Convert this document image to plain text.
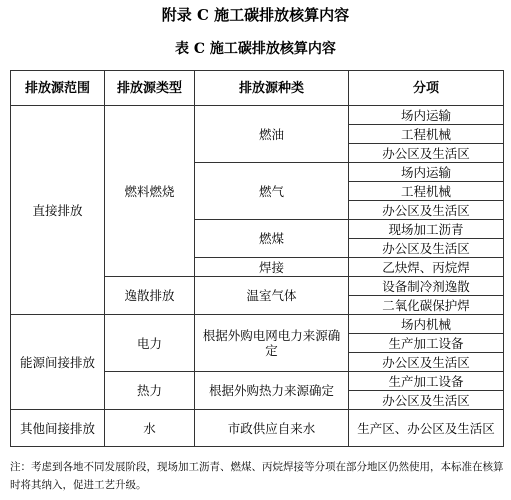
附录 C 施工碳排放核算内容
表 C 施工碳排放核算内容
排放源范围	排放源类型	排放源种类	分项
直接排放	燃料燃烧	燃油	场内运输
			工程机械
			办公区及生活区
		燃气	场内运输
			工程机械
			办公区及生活区
		燃煤	现场加工沥青
			办公区及生活区
		焊接	乙炔焊、丙烷焊
	逸散排放	温室气体	设备制冷剂逸散
			二氧化碳保护焊
能源间接排放	电力	根据外购电网电力来源确定	场内机械
			生产加工设备
			办公区及生活区
	热力	根据外购热力来源确定	生产加工设备
			办公区及生活区
其他间接排放	水	市政供应自来水	生产区、办公区及生活区
注：考虑到各地不同发展阶段，现场加工沥青、燃煤、丙烷焊接等分项在部分地区仍然使用，本标准在核算时将其纳入，促进工艺升级。
